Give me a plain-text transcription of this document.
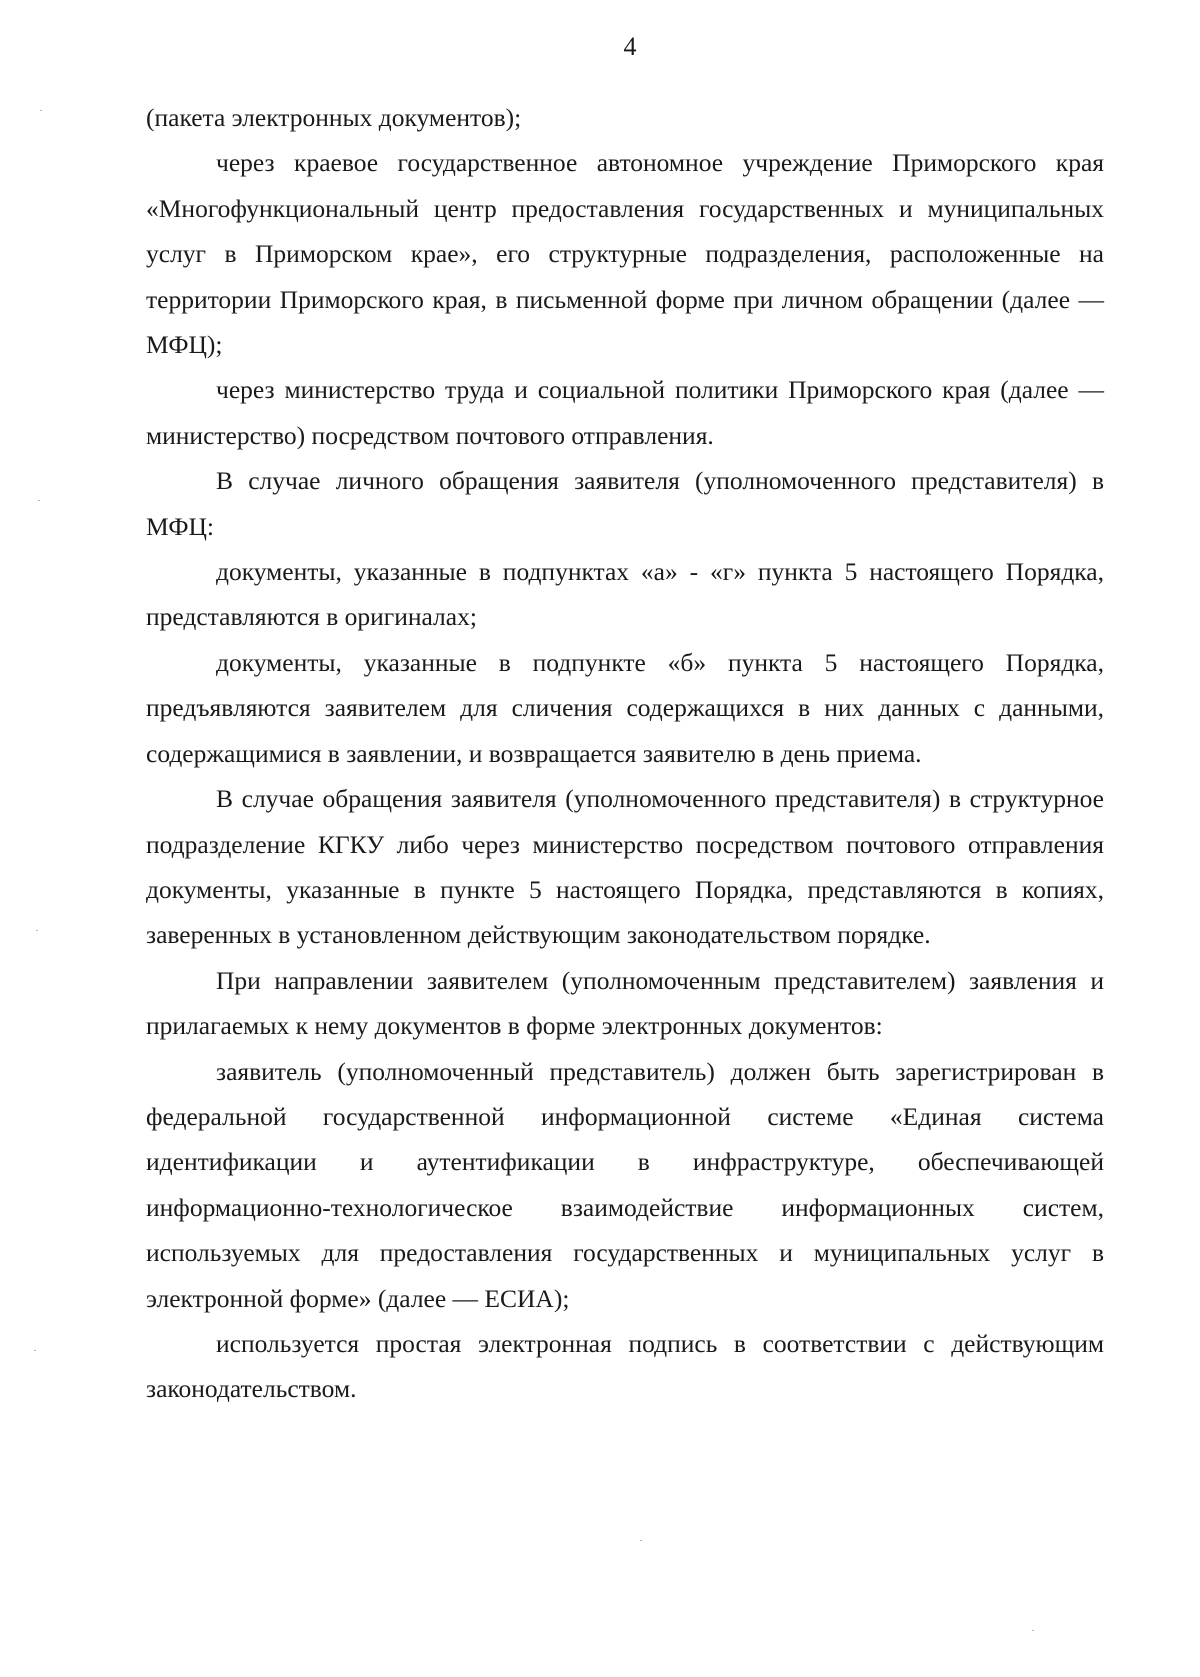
4

(пакета электронных документов);

через краевое государственное автономное учреждение Приморского края «Многофункциональный центр предоставления государственных и муниципальных услуг в Приморском крае», его структурные подразделения, расположенные на территории Приморского края, в письменной форме при личном обращении (далее — МФЦ);

через министерство труда и социальной политики Приморского края (далее — министерство) посредством почтового отправления.

В случае личного обращения заявителя (уполномоченного представителя) в МФЦ:

документы, указанные в подпунктах «а» - «г» пункта 5 настоящего Порядка, представляются в оригиналах;

документы, указанные в подпункте «б» пункта 5 настоящего Порядка, предъявляются заявителем для сличения содержащихся в них данных с данными, содержащимися в заявлении, и возвращается заявителю в день приема.

В случае обращения заявителя (уполномоченного представителя) в структурное подразделение КГКУ либо через министерство посредством почтового отправления документы, указанные в пункте 5 настоящего Порядка, представляются в копиях, заверенных в установленном действующим законодательством порядке.

При направлении заявителем (уполномоченным представителем) заявления и прилагаемых к нему документов в форме электронных документов:

заявитель (уполномоченный представитель) должен быть зарегистрирован в федеральной государственной информационной системе «Единая система идентификации и аутентификации в инфраструктуре, обеспечивающей информационно-технологическое взаимодействие информационных систем, используемых для предоставления государственных и муниципальных услуг в электронной форме» (далее — ЕСИА);

используется простая электронная подпись в соответствии с действующим законодательством.
